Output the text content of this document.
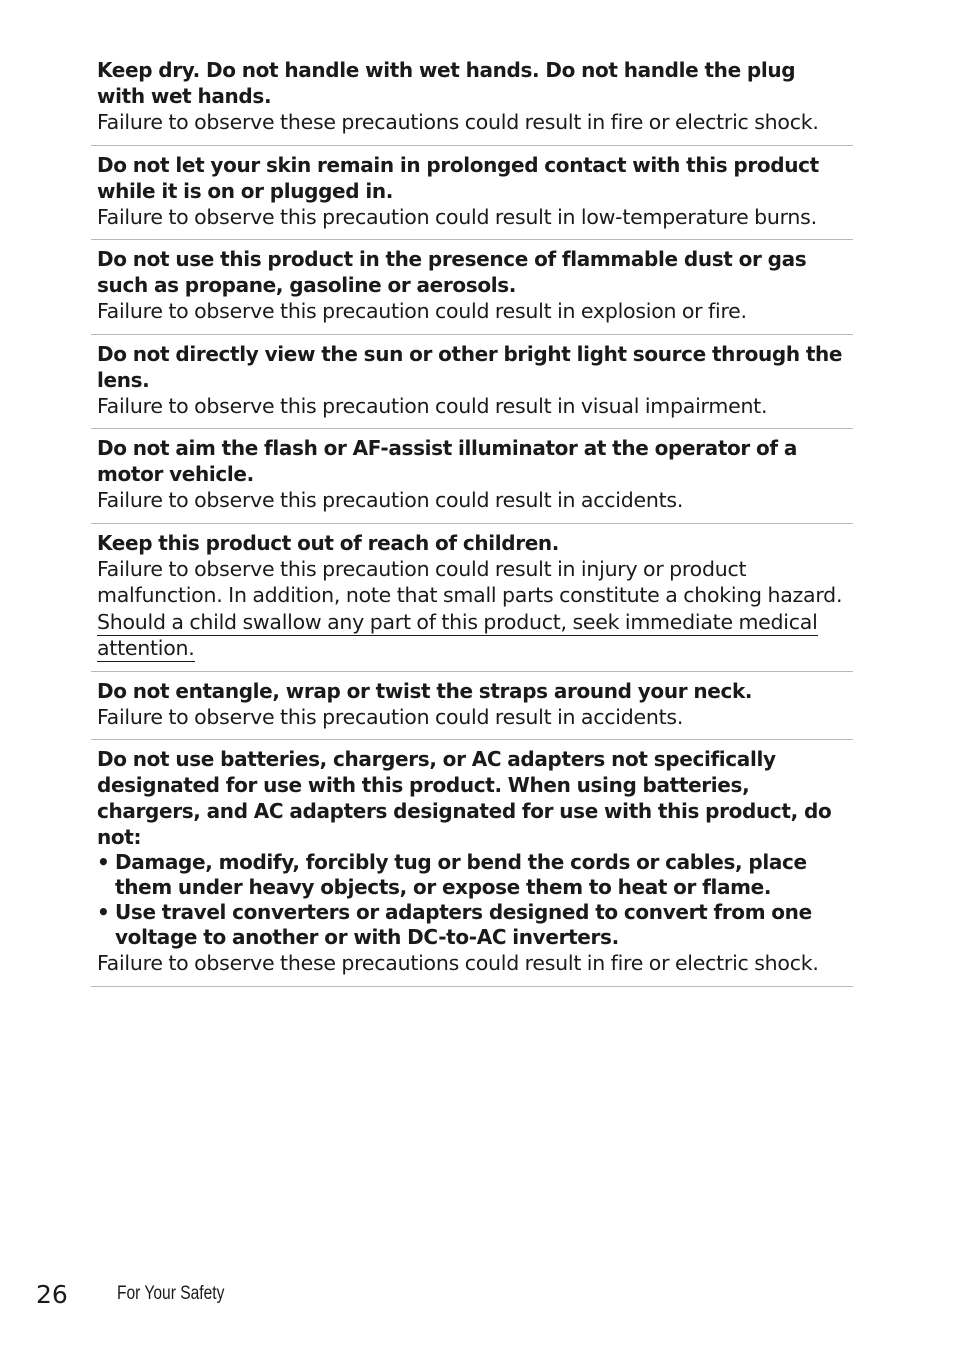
Keep dry. Do not handle with wet hands. Do not handle the plug with wet hands.
Failure to observe these precautions could result in fire or electric shock.
Do not let your skin remain in prolonged contact with this product while it is on or plugged in.
Failure to observe this precaution could result in low-temperature burns.
Do not use this product in the presence of flammable dust or gas such as propane, gasoline or aerosols.
Failure to observe this precaution could result in explosion or fire.
Do not directly view the sun or other bright light source through the lens.
Failure to observe this precaution could result in visual impairment.
Do not aim the flash or AF-assist illuminator at the operator of a motor vehicle.
Failure to observe this precaution could result in accidents.
Keep this product out of reach of children.
Failure to observe this precaution could result in injury or product malfunction. In addition, note that small parts constitute a choking hazard. Should a child swallow any part of this product, seek immediate medical attention.
Do not entangle, wrap or twist the straps around your neck.
Failure to observe this precaution could result in accidents.
Do not use batteries, chargers, or AC adapters not specifically designated for use with this product. When using batteries, chargers, and AC adapters designated for use with this product, do not:
• Damage, modify, forcibly tug or bend the cords or cables, place them under heavy objects, or expose them to heat or flame.
• Use travel converters or adapters designed to convert from one voltage to another or with DC-to-AC inverters.
Failure to observe these precautions could result in fire or electric shock.
26	For Your Safety
